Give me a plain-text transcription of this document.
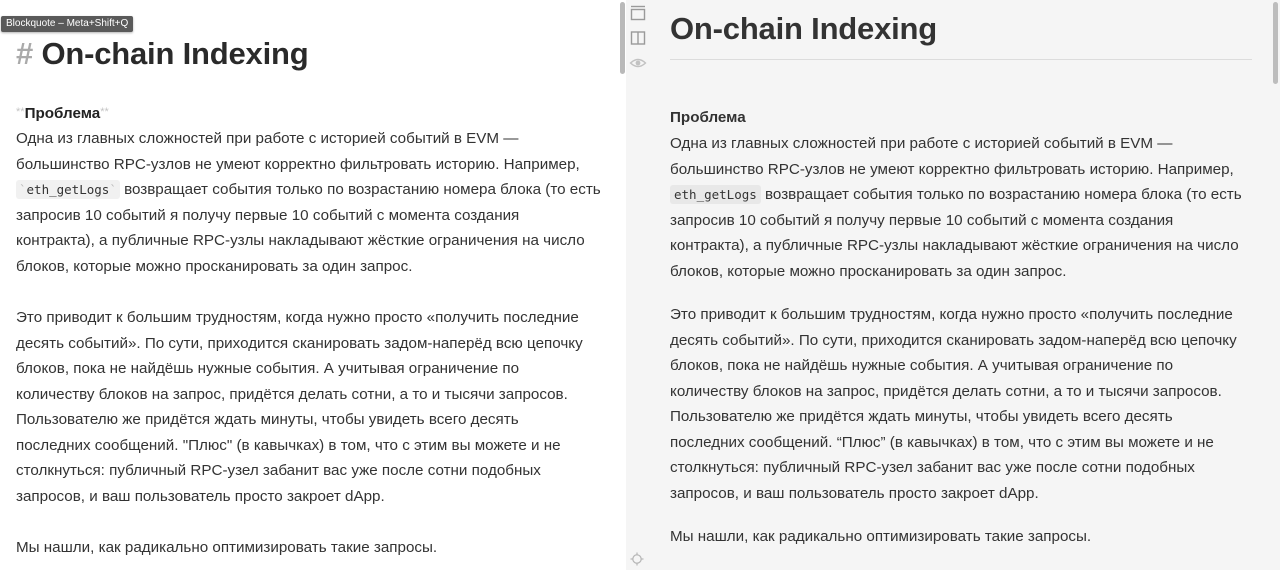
# On-chain Indexing
**Проблема**
Одна из главных сложностей при работе с историей событий в EVM —
большинство RPC-узлов не умеют корректно фильтровать историю. Например,
`eth_getLogs` возвращает события только по возрастанию номера блока (то есть
запросив 10 событий я получу первые 10 событий с момента создания
контракта), а публичные RPC-узлы накладывают жёсткие ограничения на число
блоков, которые можно просканировать за один запрос.
Это приводит к большим трудностям, когда нужно просто «получить последние
десять событий». По сути, приходится сканировать задом-наперёд всю цепочку
блоков, пока не найдёшь нужные события. А учитывая ограничение по
количеству блоков на запрос, придётся делать сотни, а то и тысячи запросов.
Пользователю же придётся ждать минуты, чтобы увидеть всего десять
последних сообщений. "Плюс" (в кавычках) в том, что с этим вы можете и не
столкнуться: публичный RPC-узел забанит вас уже после сотни подобных
запросов, и ваш пользователь просто закроет dApp.
Мы нашли, как радикально оптимизировать такие запросы.
On-chain Indexing
Проблема
Одна из главных сложностей при работе с историей событий в EVM —
большинство RPC-узлов не умеют корректно фильтровать историю. Например,
eth_getLogs возвращает события только по возрастанию номера блока (то есть
запросив 10 событий я получу первые 10 событий с момента создания
контракта), а публичные RPC-узлы накладывают жёсткие ограничения на число
блоков, которые можно просканировать за один запрос.
Это приводит к большим трудностям, когда нужно просто «получить последние
десять событий». По сути, приходится сканировать задом-наперёд всю цепочку
блоков, пока не найдёшь нужные события. А учитывая ограничение по
количеству блоков на запрос, придётся делать сотни, а то и тысячи запросов.
Пользователю же придётся ждать минуты, чтобы увидеть всего десять
последних сообщений. “Плюс” (в кавычках) в том, что с этим вы можете и не
столкнуться: публичный RPC-узел забанит вас уже после сотни подобных
запросов, и ваш пользователь просто закроет dApp.
Мы нашли, как радикально оптимизировать такие запросы.
Blockquote – Meta+Shift+Q
